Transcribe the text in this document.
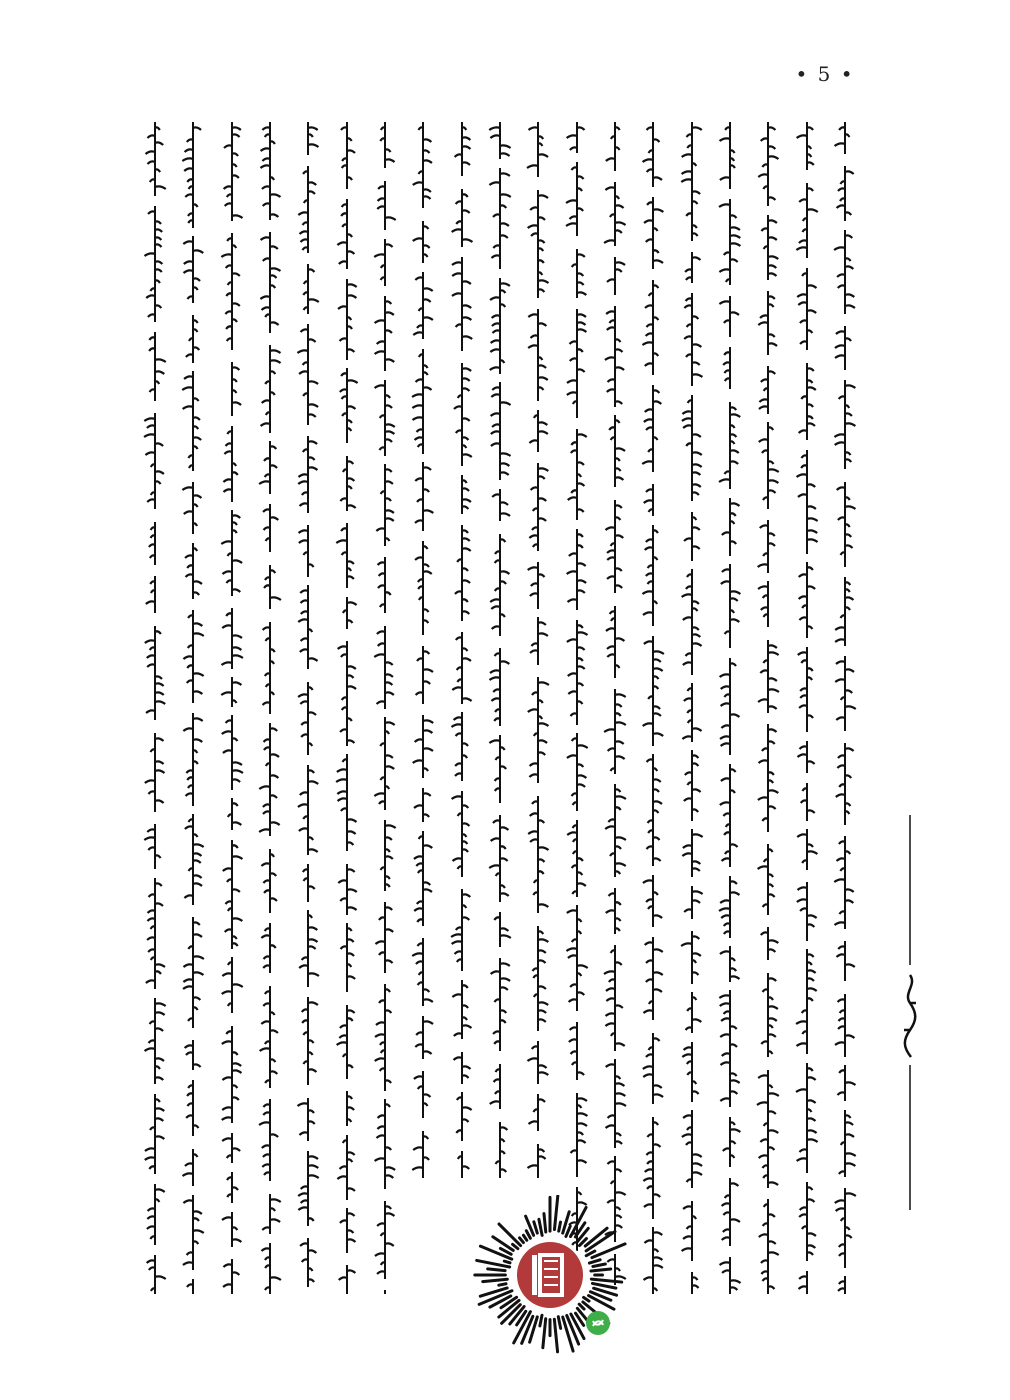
• 5 •
